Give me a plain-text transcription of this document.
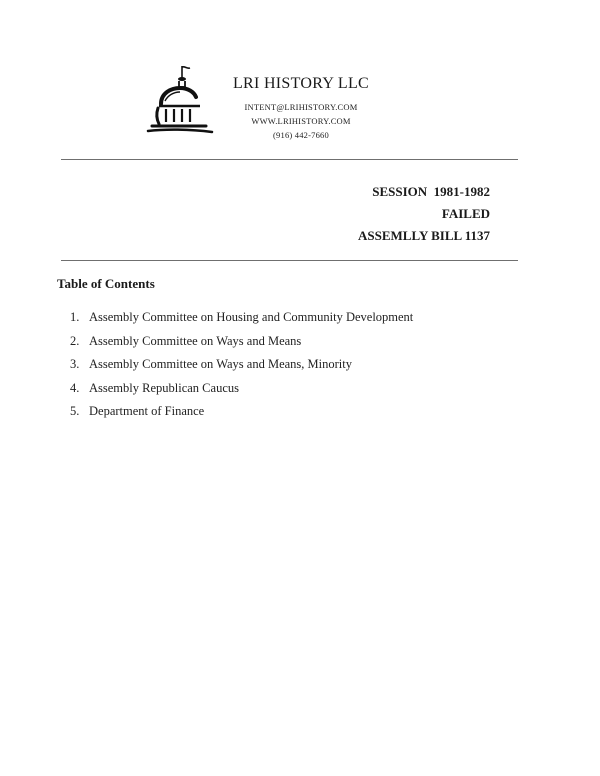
LRI HISTORY LLC
INTENT@LRIHISTORY.COM
WWW.LRIHISTORY.COM
(916) 442-7660
SESSION  1981-1982
FAILED
ASSEMLLY BILL 1137
Table of Contents
1. Assembly Committee on Housing and Community Development
2. Assembly Committee on Ways and Means
3. Assembly Committee on Ways and Means, Minority
4. Assembly Republican Caucus
5. Department of Finance
